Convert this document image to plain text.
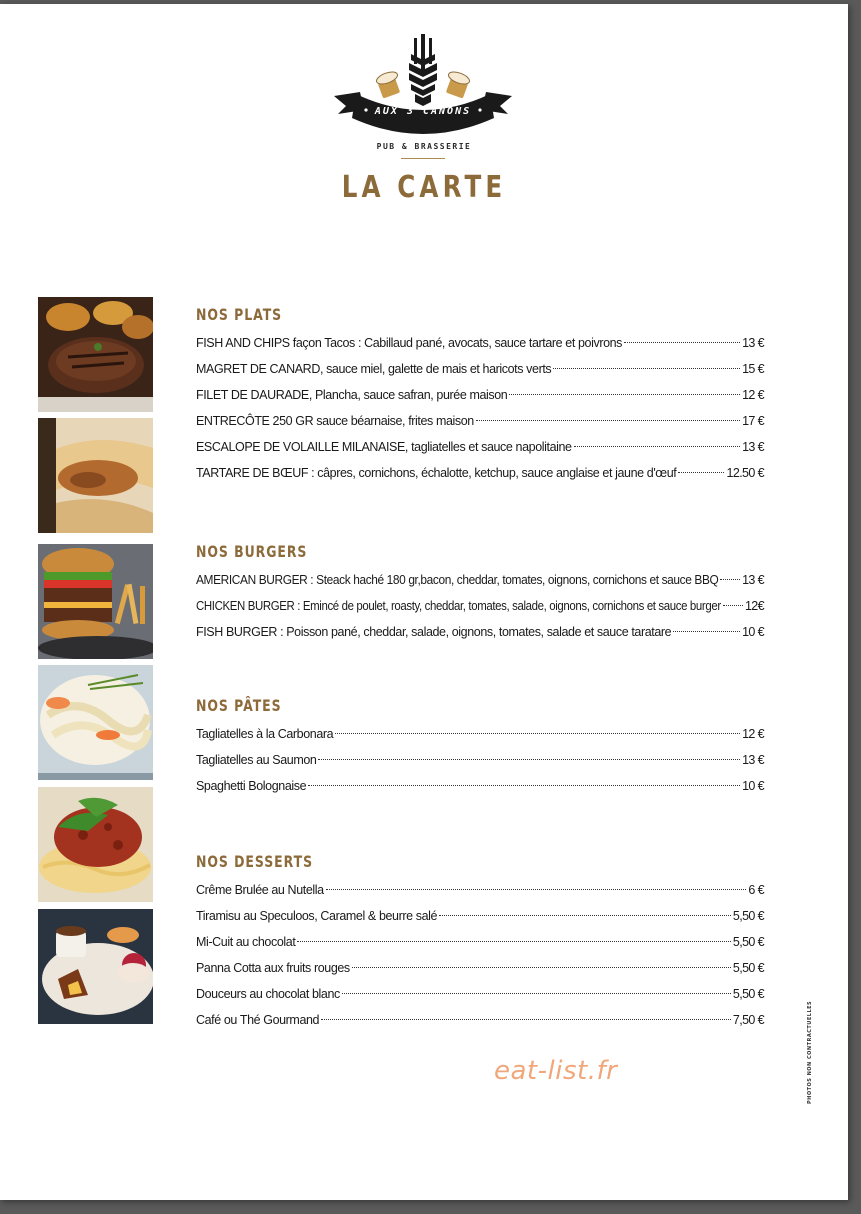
AUX 3 CANONS
PUB & BRASSERIE
LA CARTE
NOS PLATS
FISH AND CHIPS façon Tacos : Cabillaud pané, avocats, sauce tartare et poivrons	13 €
MAGRET DE CANARD, sauce miel, galette de mais et haricots verts	15 €
FILET DE DAURADE, Plancha, sauce safran, purée maison	12 €
ENTRECÔTE 250 GR sauce béarnaise, frites maison	17 €
ESCALOPE DE VOLAILLE MILANAISE, tagliatelles et sauce napolitaine	13 €
TARTARE DE BŒUF : câpres, cornichons, échalotte, ketchup, sauce anglaise et jaune d'œuf	12.50 €
NOS BURGERS
AMERICAN BURGER : Steack haché 180 gr,bacon, cheddar, tomates, oignons, cornichons et sauce BBQ 13 €
CHICKEN BURGER : Emincé de poulet, roasty, cheddar, tomates, salade, oignons, cornichons et sauce burger 12€
FISH BURGER : Poisson pané, cheddar, salade, oignons, tomates, salade et sauce taratare	10 €
NOS PÂTES
Tagliatelles à la Carbonara	12 €
Tagliatelles au Saumon	13 €
Spaghetti Bolognaise	10 €
NOS DESSERTS
Crême Brulée au Nutella	6 €
Tiramisu au Speculoos, Caramel & beurre salé	5,50 €
Mi-Cuit au chocolat	5,50 €
Panna Cotta aux fruits rouges	5,50 €
Douceurs au chocolat blanc	5,50 €
Café ou Thé Gourmand	7,50 €
eat-list.fr	PHOTOS NON CONTRACTUELLES
